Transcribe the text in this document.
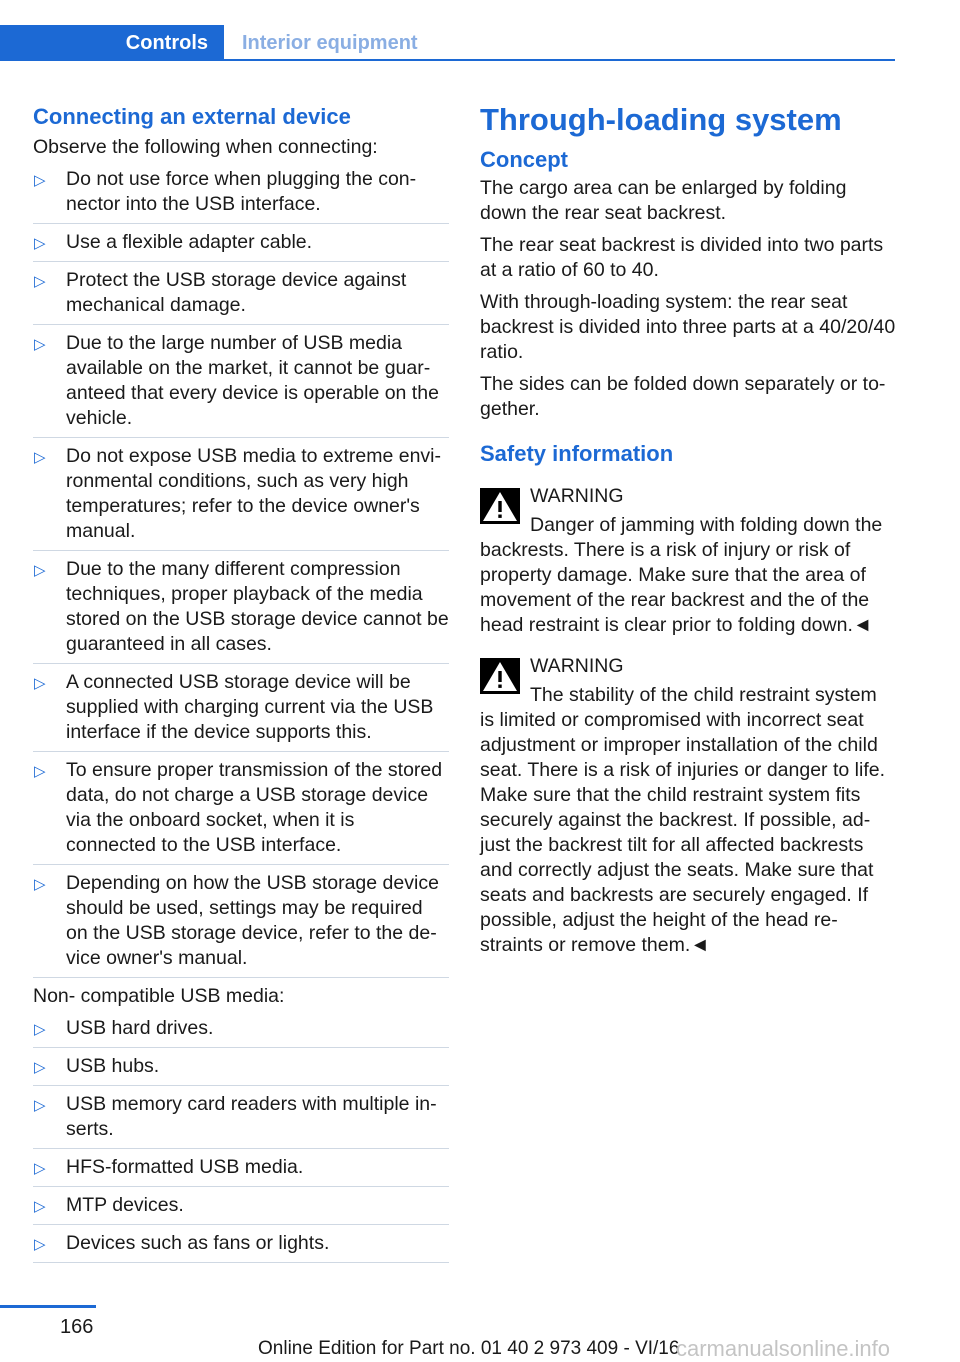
Controls	Interior equipment
Connecting an external device

Observe the following when connecting:

▷ Do not use force when plugging the con‐nector into the USB interface.
▷ Use a flexible adapter cable.
▷ Protect the USB storage device against mechanical damage.
▷ Due to the large number of USB media available on the market, it cannot be guar‐anteed that every device is operable on the vehicle.
▷ Do not expose USB media to extreme envi‐ronmental conditions, such as very high temperatures; refer to the device owner's manual.
▷ Due to the many different compression techniques, proper playback of the media stored on the USB storage device cannot be guaranteed in all cases.
▷ A connected USB storage device will be supplied with charging current via the USB interface if the device supports this.
▷ To ensure proper transmission of the stored data, do not charge a USB storage device via the onboard socket, when it is connected to the USB interface.
▷ Depending on how the USB storage device should be used, settings may be required on the USB storage device, refer to the de‐vice owner's manual.

Non- compatible USB media:

▷ USB hard drives.
▷ USB hubs.
▷ USB memory card readers with multiple in‐serts.
▷ HFS-formatted USB media.
▷ MTP devices.
▷ Devices such as fans or lights.
Through-loading system
Concept

The cargo area can be enlarged by folding down the rear seat backrest.

The rear seat backrest is divided into two parts at a ratio of 60 to 40.

With through-loading system: the rear seat backrest is divided into three parts at a 40/20/40 ratio.

The sides can be folded down separately or to‐gether.

Safety information

WARNING

Danger of jamming with folding down the backrests. There is a risk of injury or risk of property damage. Make sure that the area of movement of the rear backrest and the of the head restraint is clear prior to folding down.◄

WARNING

The stability of the child restraint system is limited or compromised with incorrect seat adjustment or improper installation of the child seat. There is a risk of injuries or danger to life. Make sure that the child restraint system fits securely against the backrest. If possible, ad‐just the backrest tilt for all affected backrests and correctly adjust the seats. Make sure that seats and backrests are securely engaged. If possible, adjust the height of the head re‐straints or remove them.◄

166
Online Edition for Part no. 01 40 2 973 409 - VI/16
carmanualsonline.info
